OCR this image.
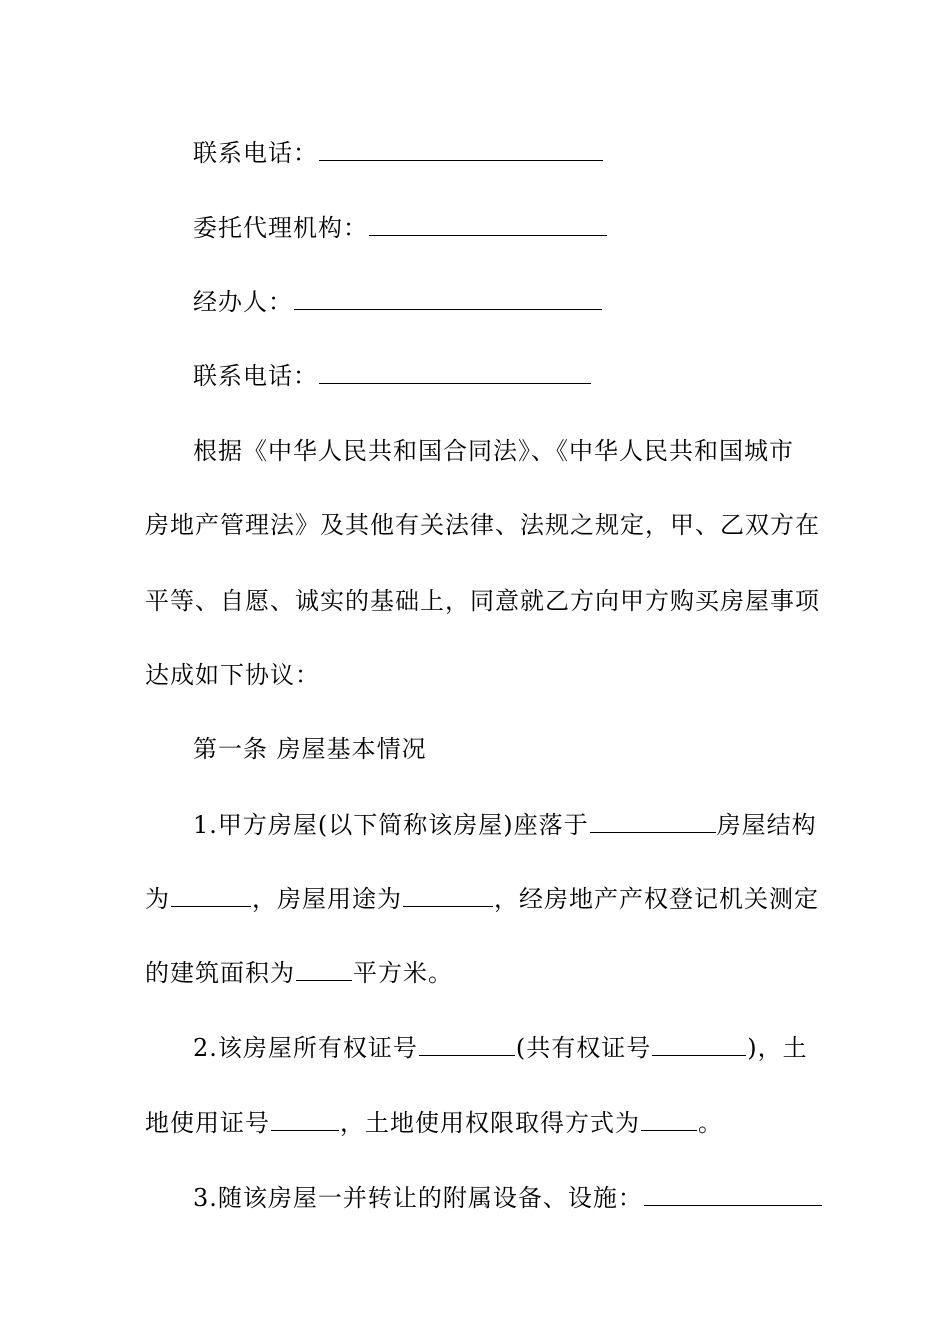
联系电话：
委托代理机构：
经办人：
联系电话：
根据《中华人民共和国合同法》、《中华人民共和国城市
房地产管理法》及其他有关法律、法规之规定，甲、乙双方在
平等、自愿、诚实的基础上，同意就乙方向甲方购买房屋事项
达成如下协议：
第一条 房屋基本情况
1.甲方房屋(以下简称该房屋)座落于	房屋结构
为	，房屋用途为	，经房地产产权登记机关测定
的建筑面积为 平方米。
2.该房屋所有权证号	(共有权证号	)，土
地使用证号	，土地使用权限取得方式为 。
3.随该房屋一并转让的附属设备、设施：
